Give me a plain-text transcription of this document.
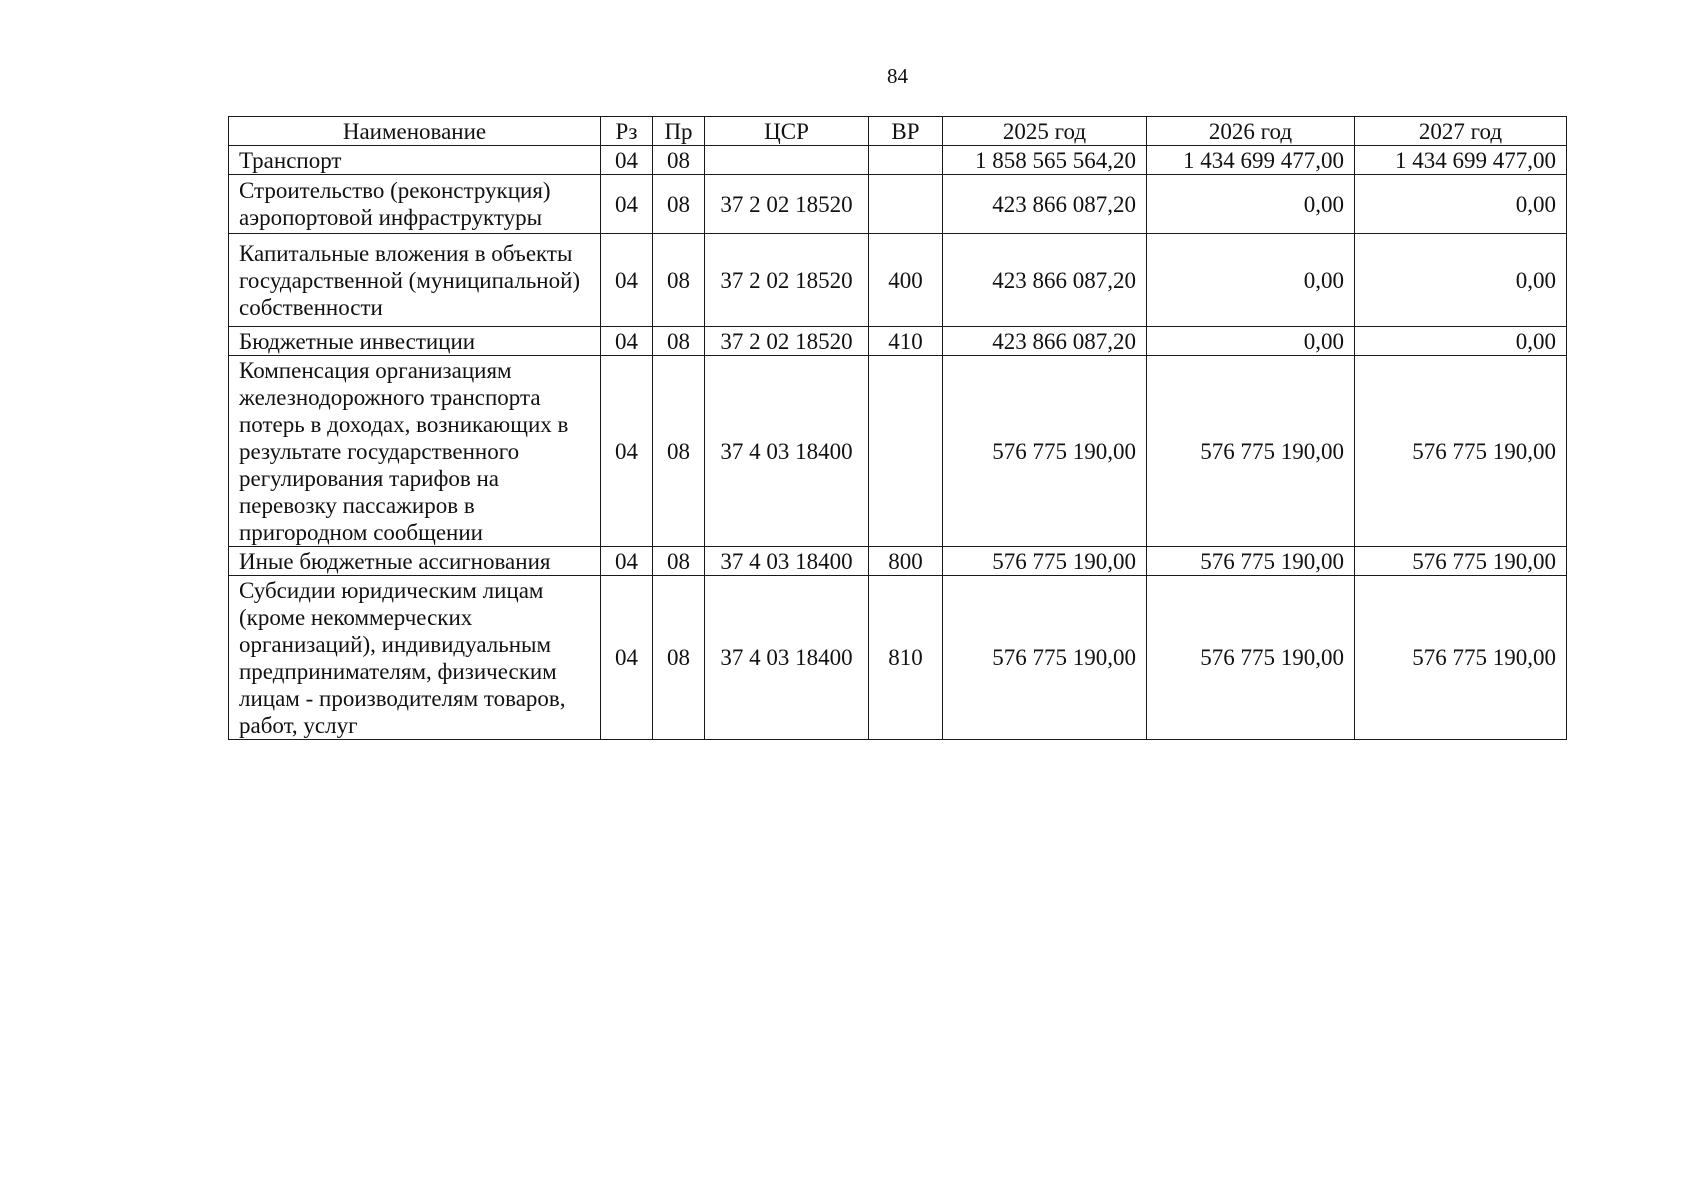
84
Наименование	Рз	Пр	ЦСР	ВР	2025 год	2026 год	2027 год
Транспорт	04	08			1 858 565 564,20	1 434 699 477,00	1 434 699 477,00
Строительство (реконструкция) аэропортовой инфраструктуры	04	08	37 2 02 18520		423 866 087,20	0,00	0,00
Капитальные вложения в объекты государственной (муниципальной) собственности	04	08	37 2 02 18520	400	423 866 087,20	0,00	0,00
Бюджетные инвестиции	04	08	37 2 02 18520	410	423 866 087,20	0,00	0,00
Компенсация организациям железнодорожного транспорта потерь в доходах, возникающих в результате государственного регулирования тарифов на перевозку пассажиров в пригородном сообщении	04	08	37 4 03 18400		576 775 190,00	576 775 190,00	576 775 190,00
Иные бюджетные ассигнования	04	08	37 4 03 18400	800	576 775 190,00	576 775 190,00	576 775 190,00
Субсидии юридическим лицам (кроме некоммерческих организаций), индивидуальным предпринимателям, физическим лицам - производителям товаров, работ, услуг	04	08	37 4 03 18400	810	576 775 190,00	576 775 190,00	576 775 190,00
